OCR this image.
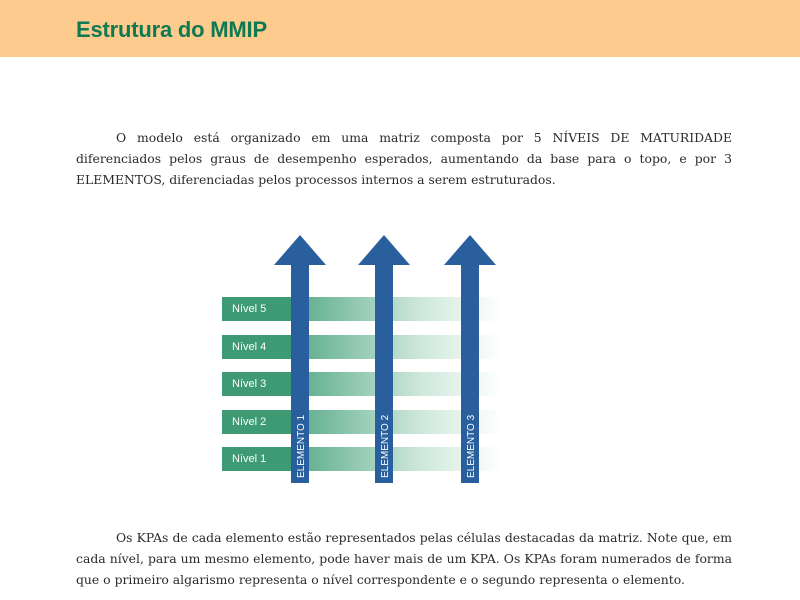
Estrutura do MMIP

O modelo está organizado em uma matriz composta por 5 NÍVEIS DE MATURIDADE diferenciados pelos graus de desempenho esperados, aumentando da base para o topo, e por 3 ELEMENTOS, diferenciadas pelos processos internos a serem estruturados.

Nível 5
Nível 4
Nível 3
Nível 2
Nível 1	ELEMENTO 1	ELEMENTO 2	ELEMENTO 3

Os KPAs de cada elemento estão representados pelas células destacadas da matriz. Note que, em cada nível, para um mesmo elemento, pode haver mais de um KPA. Os KPAs foram numerados de forma que o primeiro algarismo representa o nível correspondente e o segundo representa o elemento.
